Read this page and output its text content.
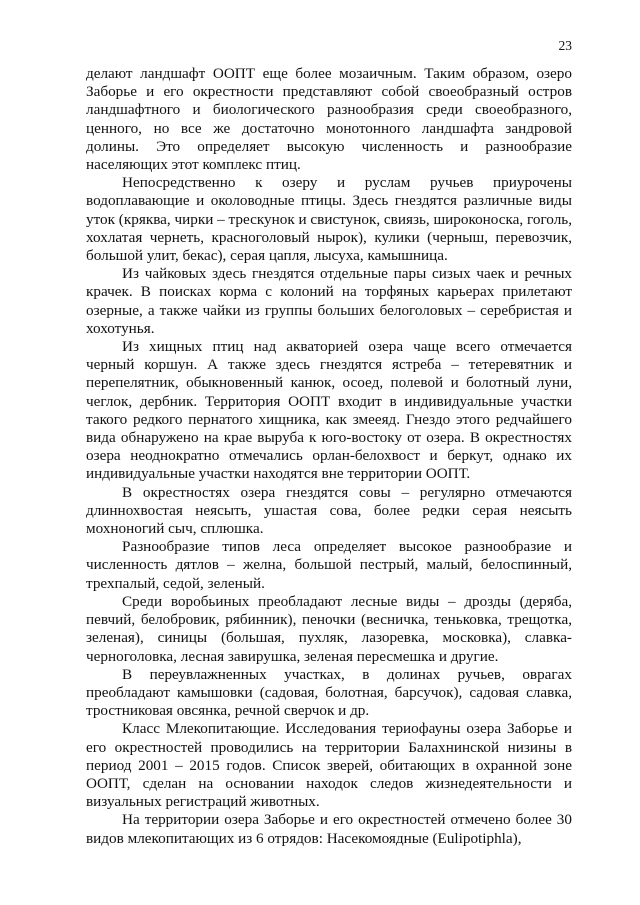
23

делают ландшафт ООПТ еще более мозаичным. Таким образом, озеро Заборье и его окрестности представляют собой своеобразный остров ландшафтного и биологического разнообразия среди своеобразного, ценного, но все же достаточно монотонного ландшафта зандровой долины. Это определяет высокую численность и разнообразие населяющих этот комплекс птиц.

Непосредственно к озеру и руслам ручьев приурочены водоплавающие и околоводные птицы. Здесь гнездятся различные виды уток (кряква, чирки – трескунок и свистунок, свиязь, широконоска, гоголь, хохлатая чернеть, красноголовый нырок), кулики (черныш, перевозчик, большой улит, бекас), серая цапля, лысуха, камышница.

Из чайковых здесь гнездятся отдельные пары сизых чаек и речных крачек. В поисках корма с колоний на торфяных карьерах прилетают озерные, а также чайки из группы больших белоголовых – серебристая и хохотунья.

Из хищных птиц над акваторией озера чаще всего отмечается черный коршун. А также здесь гнездятся ястреба – тетеревятник и перепелятник, обыкновенный канюк, осоед, полевой и болотный луни, чеглок, дербник. Территория ООПТ входит в индивидуальные участки такого редкого пернатого хищника, как змееяд. Гнездо этого редчайшего вида обнаружено на крае выруба к юго-востоку от озера. В окрестностях озера неоднократно отмечались орлан-белохвост и беркут, однако их индивидуальные участки находятся вне территории ООПТ.

В окрестностях озера гнездятся совы – регулярно отмечаются длиннохвостая неясыть, ушастая сова, более редки серая неясыть мохноногий сыч, сплюшка.

Разнообразие типов леса определяет высокое разнообразие и численность дятлов – желна, большой пестрый, малый, белоспинный, трехпалый, седой, зеленый.

Среди воробьиных преобладают лесные виды – дрозды (деряба, певчий, белобровик, рябинник), пеночки (весничка, теньковка, трещотка, зеленая), синицы (большая, пухляк, лазоревка, московка), славка-черноголовка, лесная завирушка, зеленая пересмешка и другие.

В переувлажненных участках, в долинах ручьев, оврагах преобладают камышовки (садовая, болотная, барсучок), садовая славка, тростниковая овсянка, речной сверчок и др.

Класс Млекопитающие. Исследования териофауны озера Заборье и его окрестностей проводились на территории Балахнинской низины в период 2001 – 2015 годов. Список зверей, обитающих в охранной зоне ООПТ, сделан на основании находок следов жизнедеятельности и визуальных регистраций животных.

На территории озера Заборье и его окрестностей отмечено более 30 видов млекопитающих из 6 отрядов: Насекомоядные (Eulipotiphla),
